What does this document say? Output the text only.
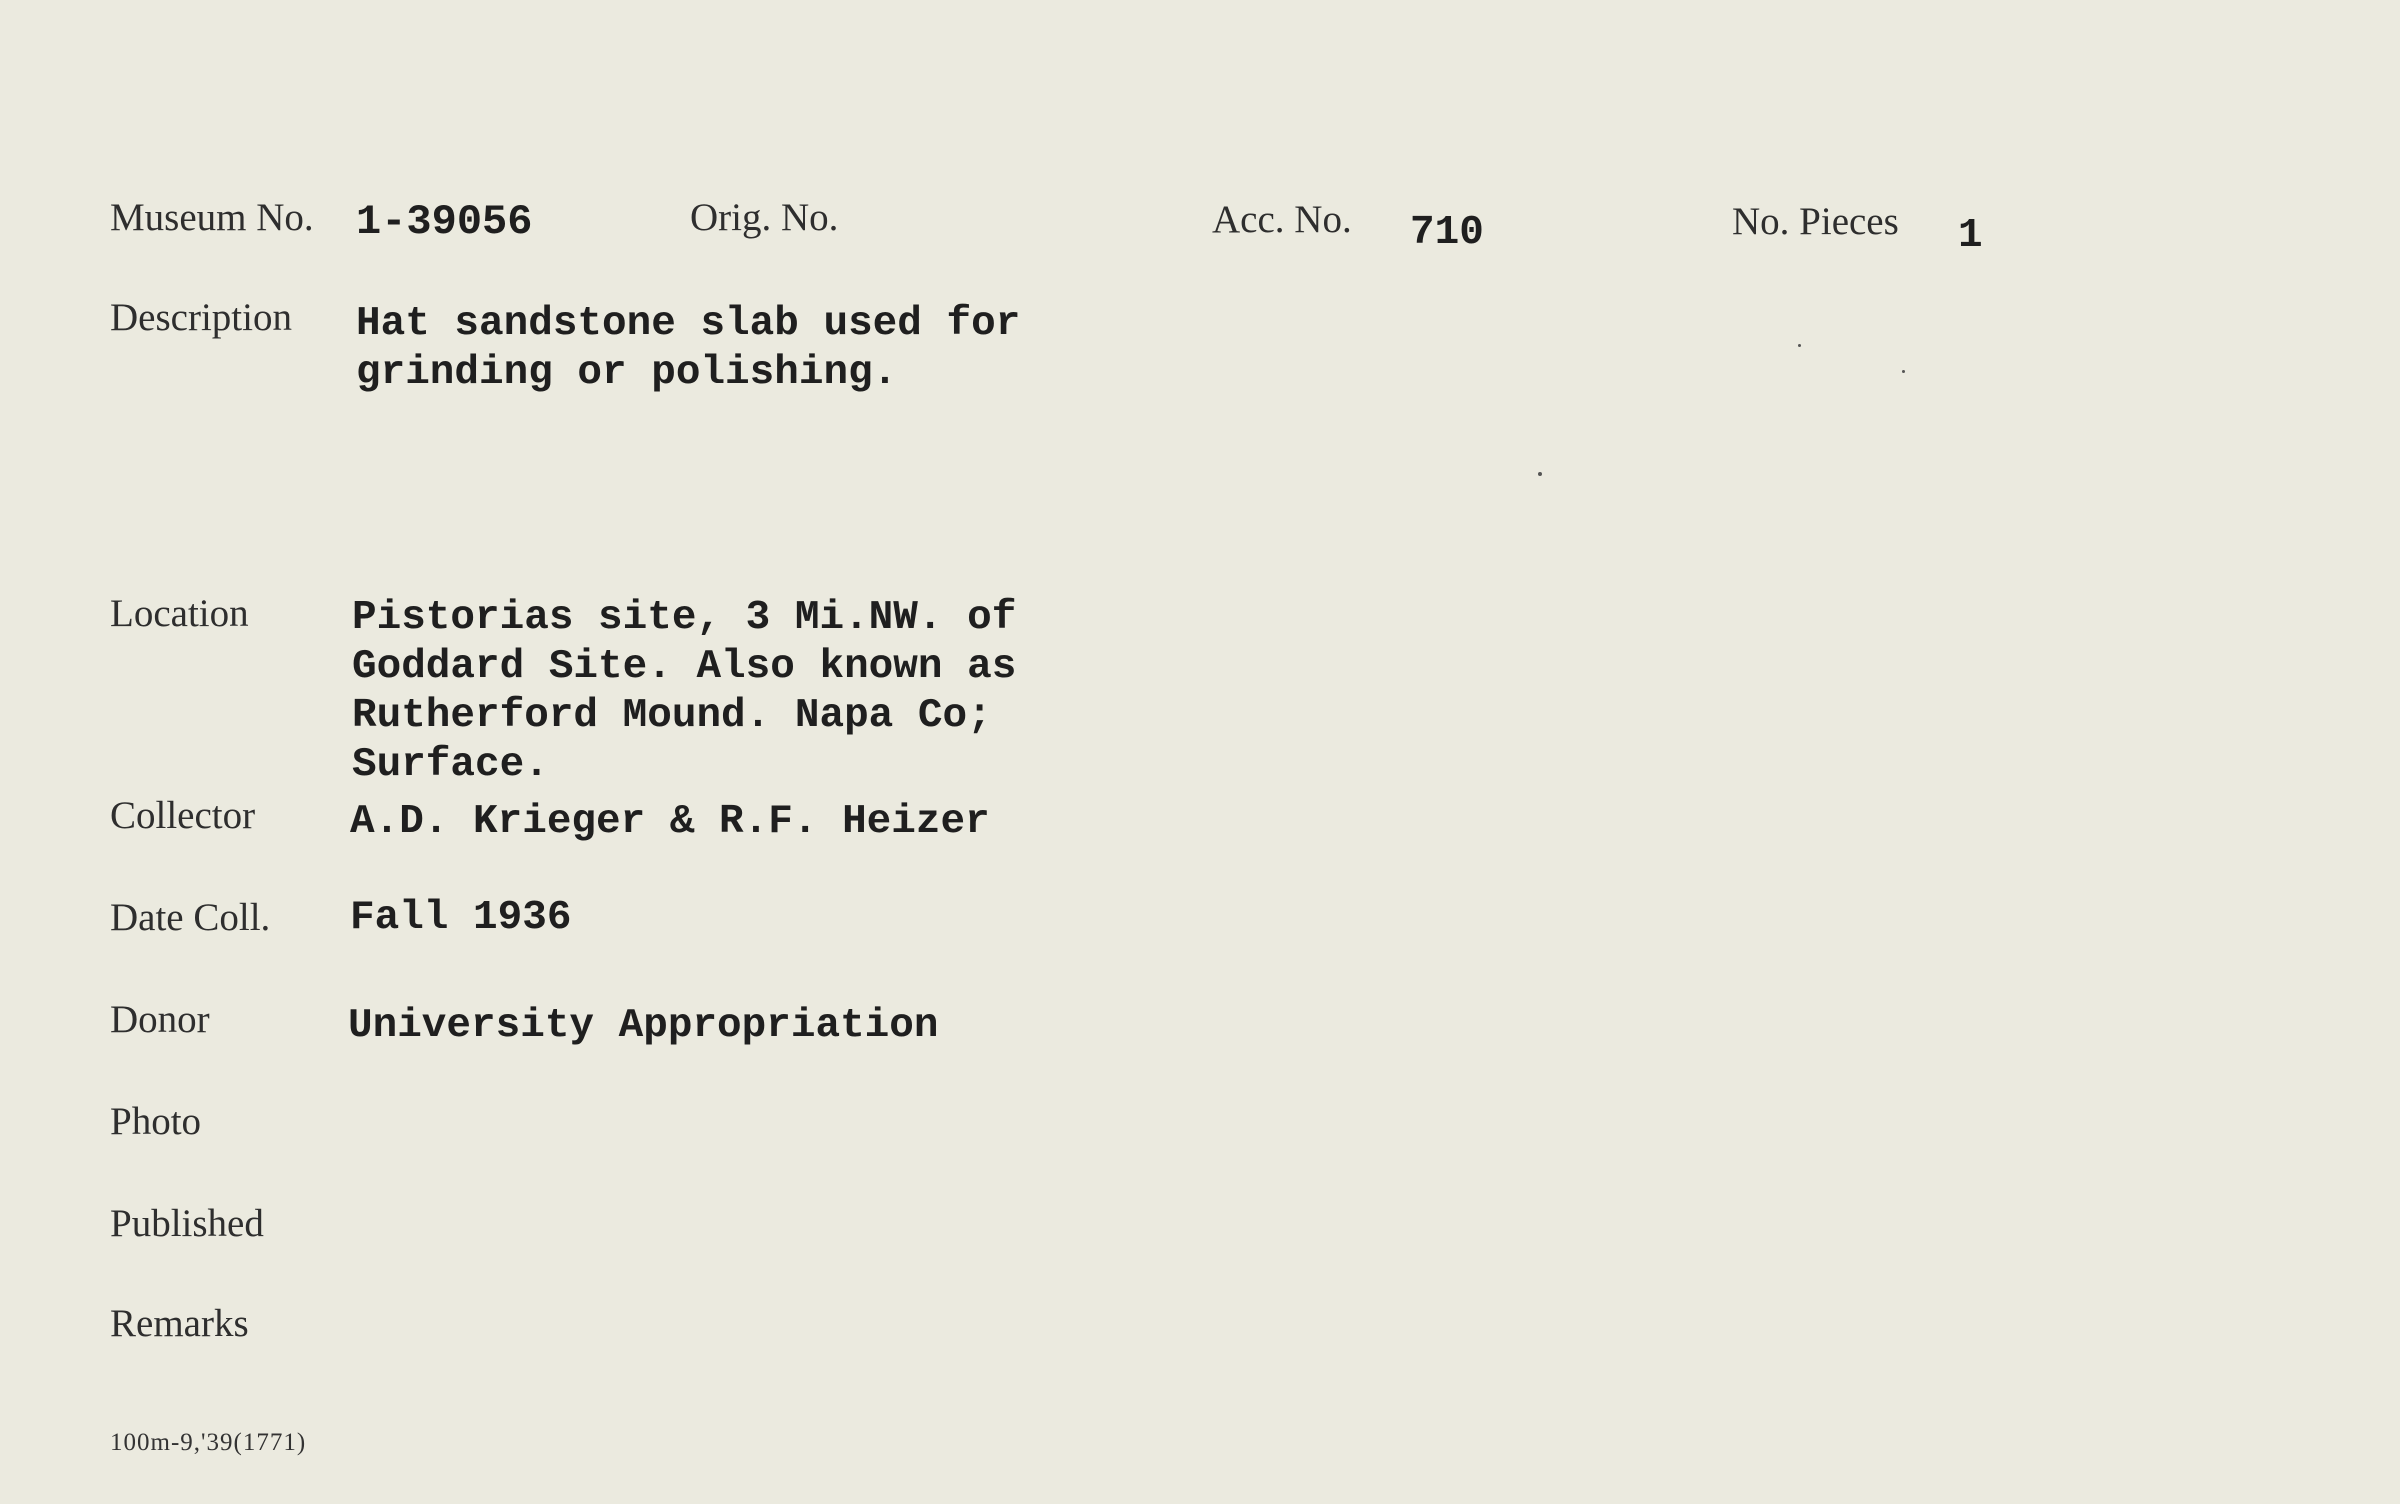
Museum No. 1-39056	Orig. No.	Acc. No. 710	No. Pieces 1
Description Hat sandstone slab used for
grinding or polishing.
Location	Pistorias site, 3 Mi.NW. of
Goddard Site. Also known as
Rutherford Mound. Napa Co;
Surface.
Collector A.D. Krieger & R.F. Heizer
Date Coll. Fall 1936
Donor	University Appropriation
Photo
Published
Remarks
100m-9,'39(1771)
